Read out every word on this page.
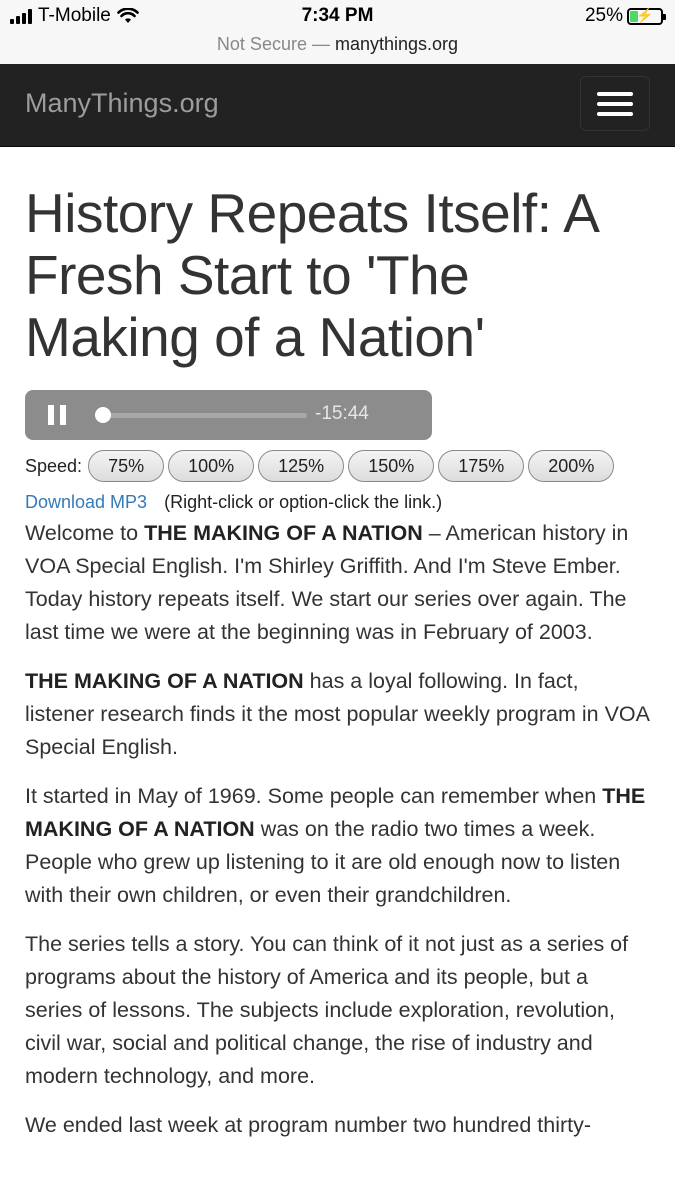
T-Mobile	7:34 PM	25% ⚡
Not Secure — manythings.org
ManyThings.org
History Repeats Itself: A Fresh Start to 'The Making of a Nation'
-15:44
Speed:	75%	100%	125%	150%	175%	200%
Download MP3 (Right-click or option-click the link.)

Welcome to THE MAKING OF A NATION – American history in VOA Special English. I'm Shirley Griffith. And I'm Steve Ember. Today history repeats itself. We start our series over again. The last time we were at the beginning was in February of 2003.

THE MAKING OF A NATION has a loyal following. In fact, listener research finds it the most popular weekly program in VOA Special English.

It started in May of 1969. Some people can remember when THE MAKING OF A NATION was on the radio two times a week. People who grew up listening to it are old enough now to listen with their own children, or even their grandchildren.

The series tells a story. You can think of it not just as a series of programs about the history of America and its people, but a series of lessons. The subjects include exploration, revolution, civil war, social and political change, the rise of industry and modern technology, and more.

We ended last week at program number two hundred thirty-
